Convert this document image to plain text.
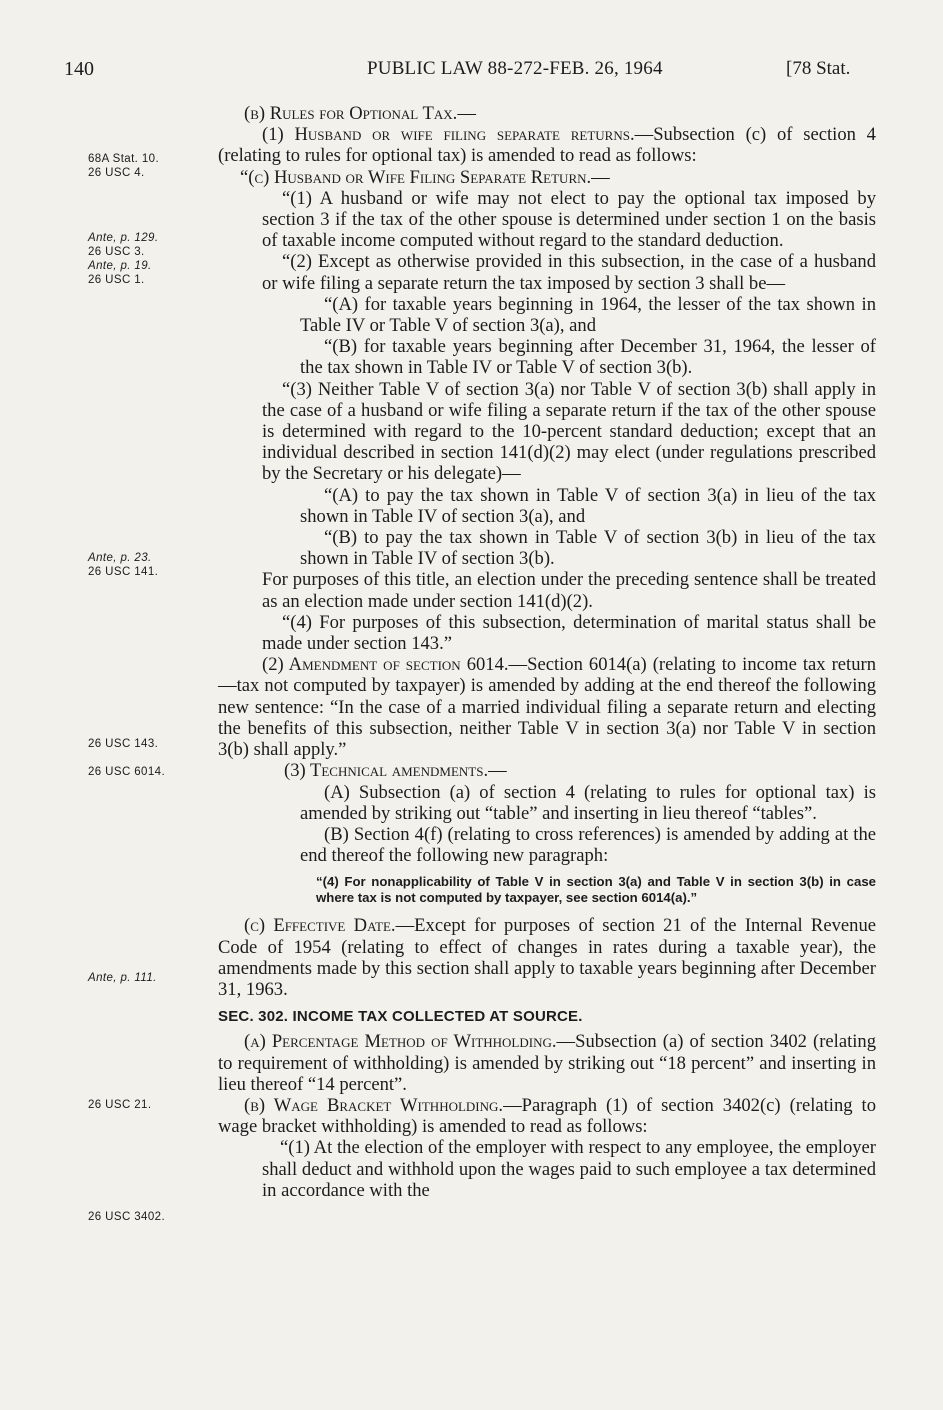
140	PUBLIC LAW 88-272-FEB. 26, 1964	[78 Stat.
68A Stat. 10.
26 USC 4.
Ante, p. 129.
26 USC 3.
Ante, p. 19.
26 USC 1.
Ante, p. 23.
26 USC 141.
26 USC 143.
26 USC 6014.
Ante, p. 111.
26 USC 21.
26 USC 3402.

(b) Rules for Optional Tax.—

(1) Husband or wife filing separate returns.—Subsection (c) of section 4 (relating to rules for optional tax) is amended to read as follows:

“(c) Husband or Wife Filing Separate Return.—

“(1) A husband or wife may not elect to pay the optional tax imposed by section 3 if the tax of the other spouse is determined under section 1 on the basis of taxable income computed without regard to the standard deduction.

“(2) Except as otherwise provided in this subsection, in the case of a husband or wife filing a separate return the tax imposed by section 3 shall be—

“(A) for taxable years beginning in 1964, the lesser of the tax shown in Table IV or Table V of section 3(a), and

“(B) for taxable years beginning after December 31, 1964, the lesser of the tax shown in Table IV or Table V of section 3(b).

“(3) Neither Table V of section 3(a) nor Table V of section 3(b) shall apply in the case of a husband or wife filing a separate return if the tax of the other spouse is determined with regard to the 10-percent standard deduction; except that an individual described in section 141(d)(2) may elect (under regulations prescribed by the Secretary or his delegate)—

“(A) to pay the tax shown in Table V of section 3(a) in lieu of the tax shown in Table IV of section 3(a), and

“(B) to pay the tax shown in Table V of section 3(b) in lieu of the tax shown in Table IV of section 3(b).

For purposes of this title, an election under the preceding sentence shall be treated as an election made under section 141(d)(2).

“(4) For purposes of this subsection, determination of marital status shall be made under section 143.”

(2) Amendment of section 6014.—Section 6014(a) (relating to income tax return—tax not computed by taxpayer) is amended by adding at the end thereof the following new sentence: “In the case of a married individual filing a separate return and electing the benefits of this subsection, neither Table V in section 3(a) nor Table V in section 3(b) shall apply.”

(3) Technical amendments.—

(A) Subsection (a) of section 4 (relating to rules for optional tax) is amended by striking out “table” and inserting in lieu thereof “tables”.

(B) Section 4(f) (relating to cross references) is amended by adding at the end thereof the following new paragraph:

“(4) For nonapplicability of Table V in section 3(a) and Table V in section 3(b) in case where tax is not computed by taxpayer, see section 6014(a).”

(c) Effective Date.—Except for purposes of section 21 of the Internal Revenue Code of 1954 (relating to effect of changes in rates during a taxable year), the amendments made by this section shall apply to taxable years beginning after December 31, 1963.

SEC. 302. INCOME TAX COLLECTED AT SOURCE.

(a) Percentage Method of Withholding.—Subsection (a) of section 3402 (relating to requirement of withholding) is amended by striking out “18 percent” and inserting in lieu thereof “14 percent”.

(b) Wage Bracket Withholding.—Paragraph (1) of section 3402(c) (relating to wage bracket withholding) is amended to read as follows:

“(1) At the election of the employer with respect to any employee, the employer shall deduct and withhold upon the wages paid to such employee a tax determined in accordance with the
